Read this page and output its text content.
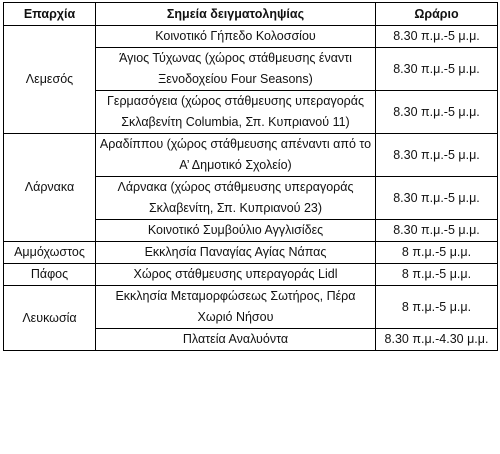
Επαρχία	Σημεία δειγματοληψίας	Ωράριο
Λεμεσός	Κοινοτικό Γήπεδο Κολοσσίου	8.30 π.μ.-5 μ.μ.
	Άγιος Τύχωνας (χώρος στάθμευσης έναντι Ξενοδοχείου Four Seasons)	8.30 π.μ.-5 μ.μ.
	Γερμασόγεια (χώρος στάθμευσης υπεραγοράς Σκλαβενίτη Columbia, Σπ. Κυπριανού 11)	8.30 π.μ.-5 μ.μ.
Λάρνακα	Αραδίππου (χώρος στάθμευσης απέναντι από το Α’ Δημοτικό Σχολείο)	8.30 π.μ.-5 μ.μ.
	Λάρνακα (χώρος στάθμευσης υπεραγοράς Σκλαβενίτη, Σπ. Κυπριανού 23)	8.30 π.μ.-5 μ.μ.
	Κοινοτικό Συμβούλιο Αγγλισίδες	8.30 π.μ.-5 μ.μ.
Αμμόχωστος	Εκκλησία Παναγίας Αγίας Νάπας	8 π.μ.-5 μ.μ.
Πάφος	Χώρος στάθμευσης υπεραγοράς Lidl	8 π.μ.-5 μ.μ.
Λευκωσία	Εκκλησία Μεταμορφώσεως Σωτήρος, Πέρα Χωριό Νήσου	8 π.μ.-5 μ.μ.
	Πλατεία Αναλυόντα	8.30 π.μ.-4.30 μ.μ.
